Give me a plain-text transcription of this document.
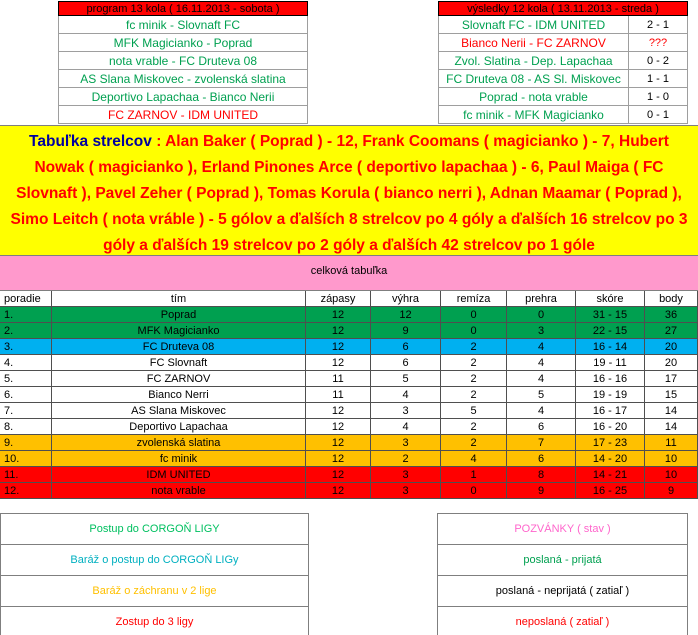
program 13 kola ( 16.11.2013 - sobota )
fc minik - Slovnaft FC
MFK Magicianko - Poprad
nota vrable - FC Druteva 08
AS Slana Miskovec - zvolenská slatina
Deportivo Lapachaa - Bianco Nerii
FC ZARNOV - IDM UNITED
výsledky 12 kola ( 13.11.2013 - streda )
Slovnaft FC - IDM UNITED	2 - 1
Bianco Nerii - FC ZARNOV	???
Zvol. Slatina - Dep. Lapachaa	0 - 2
FC Druteva 08 - AS Sl. Miskovec	1 - 1
Poprad - nota vrable	1 - 0
fc minik - MFK Magicianko	0 - 1
Tabuľka strelcov : Alan Baker ( Poprad ) - 12, Frank Coomans ( magicianko ) - 7, Hubert Nowak ( magicianko ), Erland Pinones Arce ( deportivo lapachaa ) - 6, Paul Maiga ( FC Slovnaft ), Pavel Zeher ( Poprad ), Tomas Korula ( bianco nerri ), Adnan Maamar ( Poprad ), Simo Leitch ( nota vráble ) - 5 gólov a ďalších 8 strelcov po 4 góly a ďalších 16 strelcov po 3 góly a ďalších 19 strelcov po 2 góly a ďalších 42 strelcov po 1 góle
celková tabuľka
poradie	tím	zápasy	výhra	remíza	prehra	skóre	body
1.	Poprad	12	12	0	0	31 - 15	36
2.	MFK Magicianko	12	9	0	3	22 - 15	27
3.	FC Druteva 08	12	6	2	4	16 - 14	20
4.	FC Slovnaft	12	6	2	4	19 - 11	20
5.	FC ZARNOV	11	5	2	4	16 - 16	17
6.	Bianco Nerri	11	4	2	5	19 - 19	15
7.	AS Slana Miskovec	12	3	5	4	16 - 17	14
8.	Deportivo Lapachaa	12	4	2	6	16 - 20	14
9.	zvolenská slatina	12	3	2	7	17 - 23	11
10.	fc minik	12	2	4	6	14 - 20	10
11.	IDM UNITED	12	3	1	8	14 - 21	10
12.	nota vrable	12	3	0	9	16 - 25	9
Postup do CORGOŇ LIGY
Baráž o postup do CORGOŇ LIGy
Baráž o záchranu v 2 lige
Zostup do 3 ligy
POZVÁNKY ( stav )
poslaná - prijatá
poslaná - neprijatá ( zatiaľ )
neposlaná ( zatiaľ )
